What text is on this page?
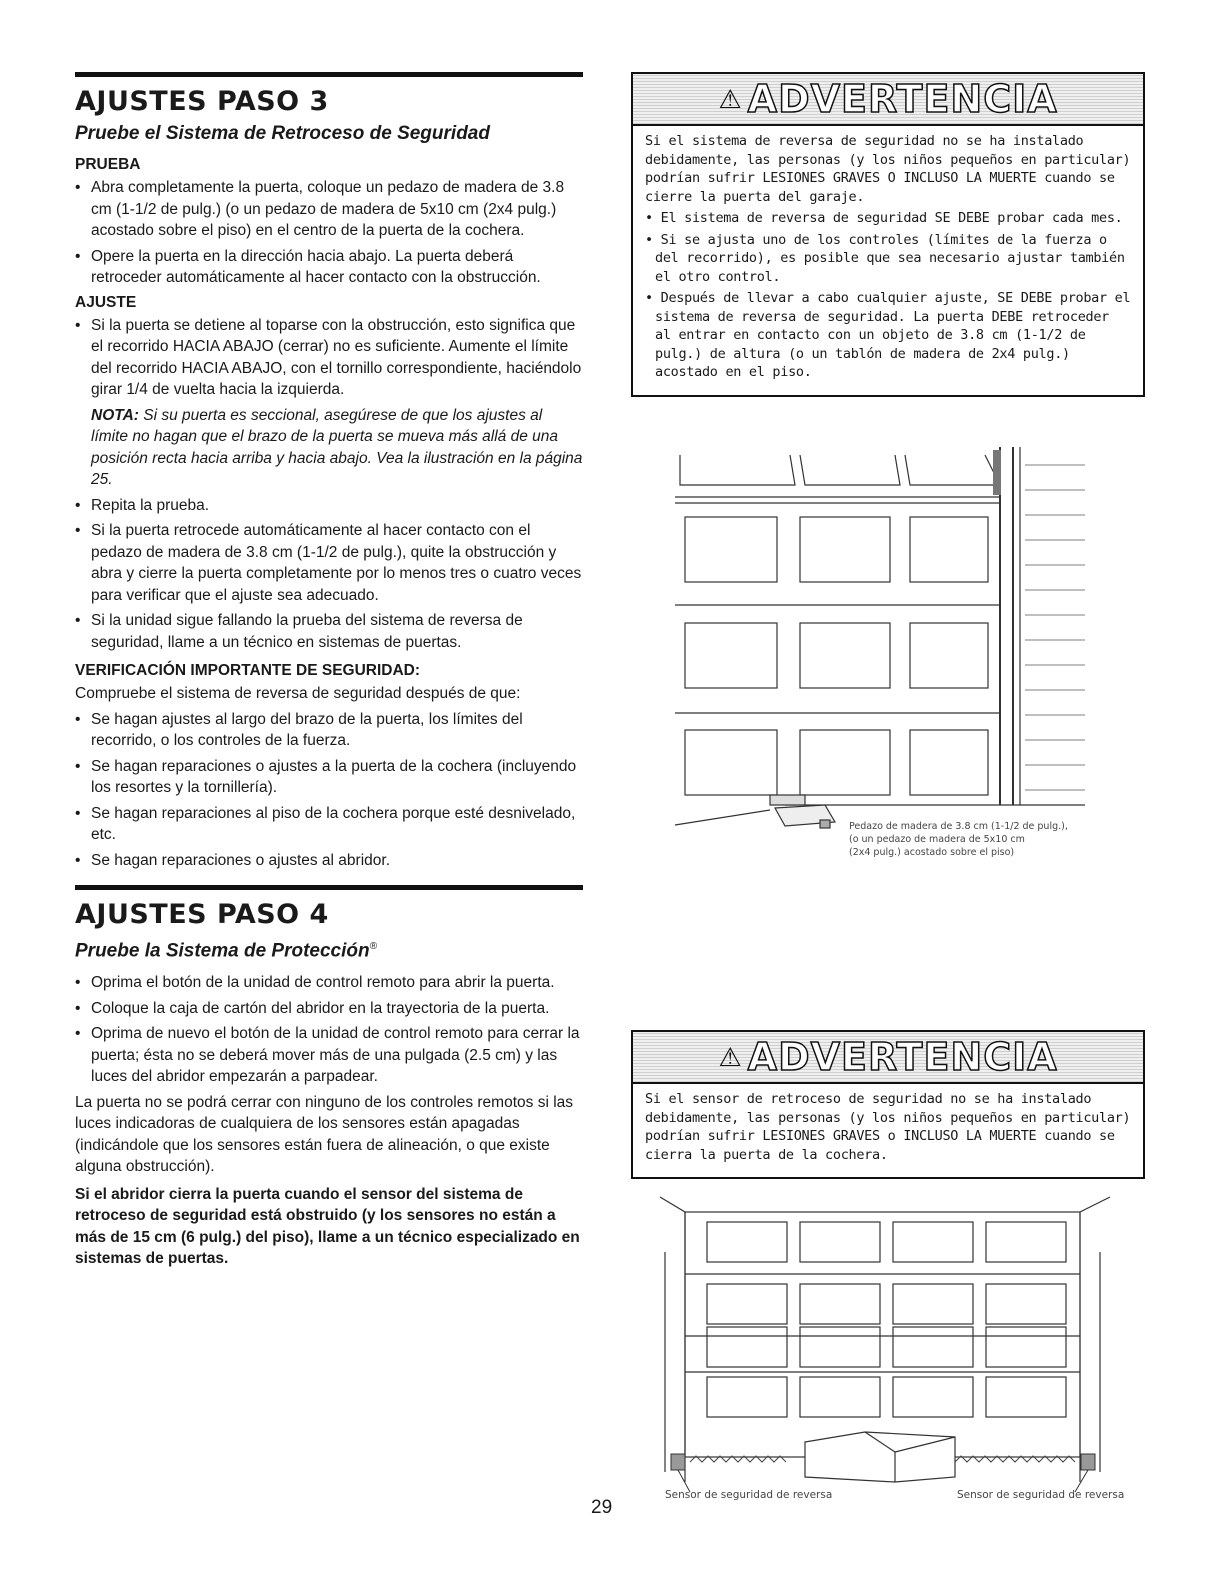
AJUSTES PASO 3
Pruebe el Sistema de Retroceso de Seguridad
PRUEBA
• Abra completamente la puerta, coloque un pedazo de madera de 3.8 cm (1-1/2 de pulg.) (o un pedazo de madera de 5x10 cm (2x4 pulg.) acostado sobre el piso) en el centro de la puerta de la cochera.
• Opere la puerta en la dirección hacia abajo. La puerta deberá retroceder automáticamente al hacer contacto con la obstrucción.
AJUSTE
• Si la puerta se detiene al toparse con la obstrucción, esto significa que el recorrido HACIA ABAJO (cerrar) no es suficiente. Aumente el límite del recorrido HACIA ABAJO, con el tornillo correspondiente, haciéndolo girar 1/4 de vuelta hacia la izquierda.

NOTA: Si su puerta es seccional, asegúrese de que los ajustes al límite no hagan que el brazo de la puerta se mueva más allá de una posición recta hacia arriba y hacia abajo. Vea la ilustración en la página 25.

• Repita la prueba.
• Si la puerta retrocede automáticamente al hacer contacto con el pedazo de madera de 3.8 cm (1-1/2 de pulg.), quite la obstrucción y abra y cierre la puerta completamente por lo menos tres o cuatro veces para verificar que el ajuste sea adecuado.
• Si la unidad sigue fallando la prueba del sistema de reversa de seguridad, llame a un técnico en sistemas de puertas.
VERIFICACIÓN IMPORTANTE DE SEGURIDAD:

Compruebe el sistema de reversa de seguridad después de que:

• Se hagan ajustes al largo del brazo de la puerta, los límites del recorrido, o los controles de la fuerza.
• Se hagan reparaciones o ajustes a la puerta de la cochera (incluyendo los resortes y la tornillería).
• Se hagan reparaciones al piso de la cochera porque esté desnivelado, etc.
• Se hagan reparaciones o ajustes al abridor.
AJUSTES PASO 4
Pruebe la Sistema de Protección®
• Oprima el botón de la unidad de control remoto para abrir la puerta.
• Coloque la caja de cartón del abridor en la trayectoria de la puerta.
• Oprima de nuevo el botón de la unidad de control remoto para cerrar la puerta; ésta no se deberá mover más de una pulgada (2.5 cm) y las luces del abridor empezarán a parpadear.

La puerta no se podrá cerrar con ninguno de los controles remotos si las luces indicadoras de cualquiera de los sensores están apagadas (indicándole que los sensores están fuera de alineación, o que existe alguna obstrucción).

Si el abridor cierra la puerta cuando el sensor del sistema de retroceso de seguridad está obstruido (y los sensores no están a más de 15 cm (6 pulg.) del piso), llame a un técnico especializado en sistemas de puertas.

⚠ ADVERTENCIA

Si el sistema de reversa de seguridad no se ha instalado debidamente, las personas (y los niños pequeños en particular) podrían sufrir LESIONES GRAVES O INCLUSO LA MUERTE cuando se cierre la puerta del garaje.

• El sistema de reversa de seguridad SE DEBE probar cada mes.

• Si se ajusta uno de los controles (límites de la fuerza o del recorrido), es posible que sea necesario ajustar también el otro control.

• Después de llevar a cabo cualquier ajuste, SE DEBE probar el sistema de reversa de seguridad. La puerta DEBE retroceder al entrar en contacto con un objeto de 3.8 cm (1-1/2 de pulg.) de altura (o un tablón de madera de 2x4 pulg.) acostado en el piso.

Pedazo de madera de 3.8 cm (1-1/2 de pulg.),
(o un pedazo de madera de 5x10 cm
(2x4 pulg.) acostado sobre el piso)
⚠ ADVERTENCIA

Si el sensor de retroceso de seguridad no se ha instalado debidamente, las personas (y los niños pequeños en particular) podrían sufrir LESIONES GRAVES o INCLUSO LA MUERTE cuando se cierra la puerta de la cochera.

Sensor de seguridad de reversa	Sensor de seguridad de reversa
29
